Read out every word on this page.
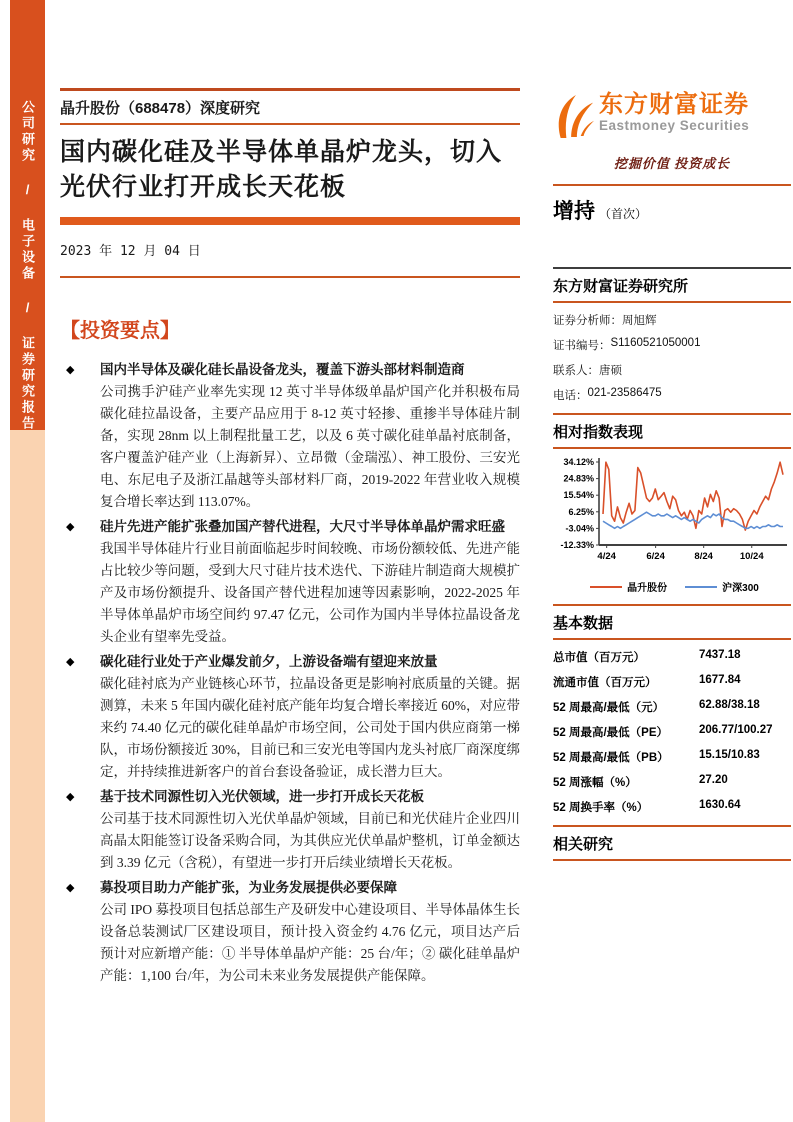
公司研究 / 电子设备 / 证券研究报告	晶升股份（688478）深度研究
国内碳化硅及半导体单晶炉龙头，切入
光伏行业打开成长天花板
2023 年 12 月 04 日
【投资要点】
◆	国内半导体及碳化硅长晶设备龙头，覆盖下游头部材料制造商
公司携手沪硅产业率先实现 12 英寸半导体级单晶炉国产化并积极布局碳化硅拉晶设备，主要产品应用于 8-12 英寸轻掺、重掺半导体硅片制备，实现 28nm 以上制程批量工艺，以及 6 英寸碳化硅单晶衬底制备，客户覆盖沪硅产业（上海新昇）、立昂微（金瑞泓）、神工股份、三安光电、东尼电子及浙江晶越等头部材料厂商，2019-2022 年营业收入规模复合增长率达到 113.07%。
◆	硅片先进产能扩张叠加国产替代进程，大尺寸半导体单晶炉需求旺盛
我国半导体硅片行业目前面临起步时间较晚、市场份额较低、先进产能占比较少等问题，受到大尺寸硅片技术迭代、下游硅片制造商大规模扩产及市场份额提升、设备国产替代进程加速等因素影响，2022-2025 年半导体单晶炉市场空间约 97.47 亿元，公司作为国内半导体拉晶设备龙头企业有望率先受益。
◆	碳化硅行业处于产业爆发前夕，上游设备端有望迎来放量
碳化硅衬底为产业链核心环节，拉晶设备更是影响衬底质量的关键。据测算，未来 5 年国内碳化硅衬底产能年均复合增长率接近 60%，对应带来约 74.40 亿元的碳化硅单晶炉市场空间，公司处于国内供应商第一梯队，市场份额接近 30%，目前已和三安光电等国内龙头衬底厂商深度绑定，并持续推进新客户的首台套设备验证，成长潜力巨大。
◆	基于技术同源性切入光伏领域，进一步打开成长天花板
公司基于技术同源性切入光伏单晶炉领域，目前已和光伏硅片企业四川高晶太阳能签订设备采购合同，为其供应光伏单晶炉整机，订单金额达到 3.39 亿元（含税），有望进一步打开后续业绩增长天花板。
◆	募投项目助力产能扩张，为业务发展提供必要保障
公司 IPO 募投项目包括总部生产及研发中心建设项目、半导体晶体生长设备总装测试厂区建设项目，预计投入资金约 4.76 亿元，项目达产后预计对应新增产能：① 半导体单晶炉产能：25 台/年；② 碳化硅单晶炉产能：1,100 台/年，为公司未来业务发展提供产能保障。
东方财富证券
Eastmoney Securities
挖掘价值 投资成长
增持 （首次）
东方财富证券研究所
证券分析师： 周旭辉
证书编号： S1160521050001
联系人： 唐硕
电话： 021-23586475
相对指数表现
34.12%
24.83%
15.54%
6.25%
-3.04%
-12.33%
4/24	6/24	8/24	10/24
晶升股份	沪深300
基本数据
总市值（百万元）	7437.18
流通市值（百万元）	1677.84
52 周最高/最低（元）	62.88/38.18
52 周最高/最低（PE）	206.77/100.27
52 周最高/最低（PB）	15.15/10.83
52 周涨幅（%）	27.20
52 周换手率（%）	1630.64
相关研究
